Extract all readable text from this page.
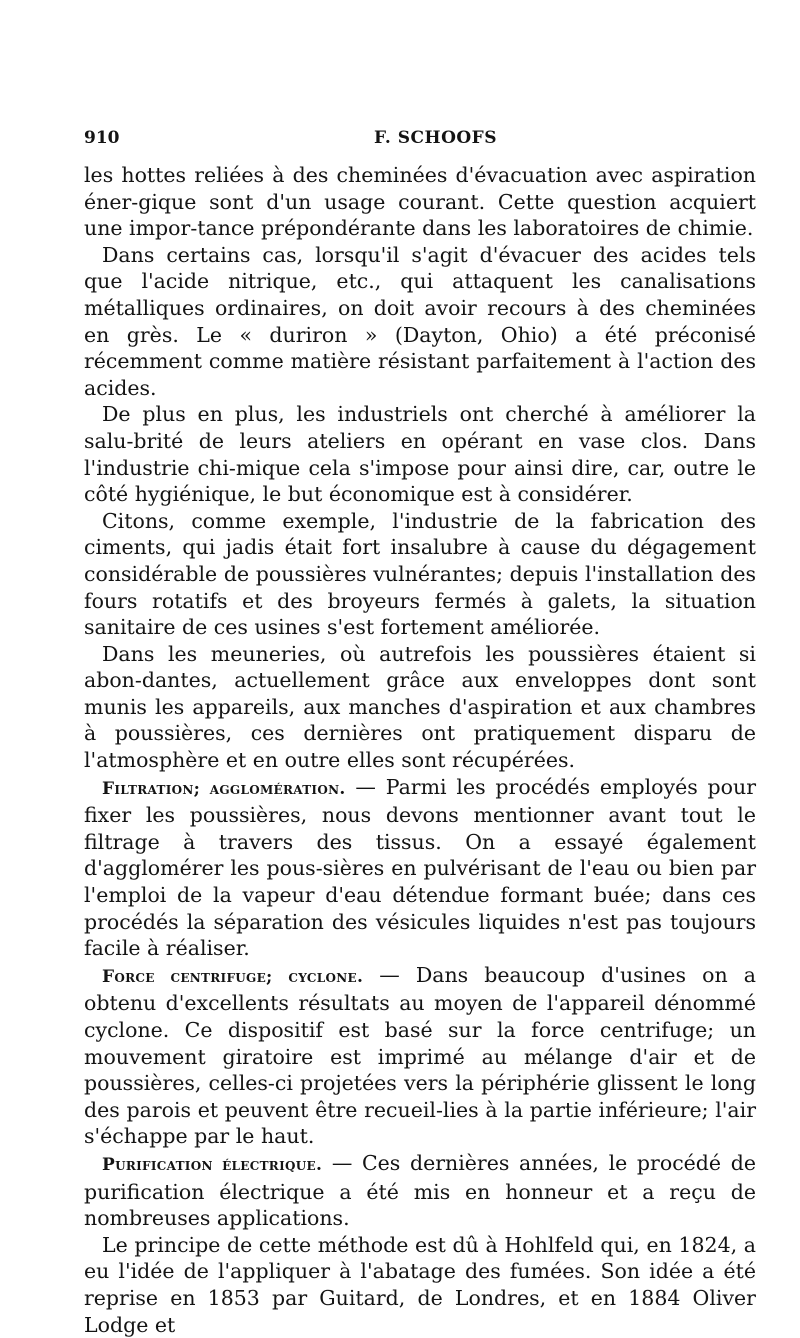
910	F. SCHOOFS

les hottes reliées à des cheminées d'évacuation avec aspiration éner-gique sont d'un usage courant. Cette question acquiert une impor-tance prépondérante dans les laboratoires de chimie.

Dans certains cas, lorsqu'il s'agit d'évacuer des acides tels que l'acide nitrique, etc., qui attaquent les canalisations métalliques ordinaires, on doit avoir recours à des cheminées en grès. Le « duriron » (Dayton, Ohio) a été préconisé récemment comme matière résistant parfaitement à l'action des acides.

De plus en plus, les industriels ont cherché à améliorer la salu-brité de leurs ateliers en opérant en vase clos. Dans l'industrie chi-mique cela s'impose pour ainsi dire, car, outre le côté hygiénique, le but économique est à considérer.

Citons, comme exemple, l'industrie de la fabrication des ciments, qui jadis était fort insalubre à cause du dégagement considérable de poussières vulnérantes; depuis l'installation des fours rotatifs et des broyeurs fermés à galets, la situation sanitaire de ces usines s'est fortement améliorée.

Dans les meuneries, où autrefois les poussières étaient si abon-dantes, actuellement grâce aux enveloppes dont sont munis les appareils, aux manches d'aspiration et aux chambres à poussières, ces dernières ont pratiquement disparu de l'atmosphère et en outre elles sont récupérées.

Filtration; agglomération. — Parmi les procédés employés pour fixer les poussières, nous devons mentionner avant tout le filtrage à travers des tissus. On a essayé également d'agglomérer les pous-sières en pulvérisant de l'eau ou bien par l'emploi de la vapeur d'eau détendue formant buée; dans ces procédés la séparation des vésicules liquides n'est pas toujours facile à réaliser.

Force centrifuge; cyclone. — Dans beaucoup d'usines on a obtenu d'excellents résultats au moyen de l'appareil dénommé cyclone. Ce dispositif est basé sur la force centrifuge; un mouvement giratoire est imprimé au mélange d'air et de poussières, celles-ci projetées vers la périphérie glissent le long des parois et peuvent être recueil-lies à la partie inférieure; l'air s'échappe par le haut.

Purification électrique. — Ces dernières années, le procédé de purification électrique a été mis en honneur et a reçu de nombreuses applications.

Le principe de cette méthode est dû à Hohlfeld qui, en 1824, a eu l'idée de l'appliquer à l'abatage des fumées. Son idée a été reprise en 1853 par Guitard, de Londres, et en 1884 Oliver Lodge et
